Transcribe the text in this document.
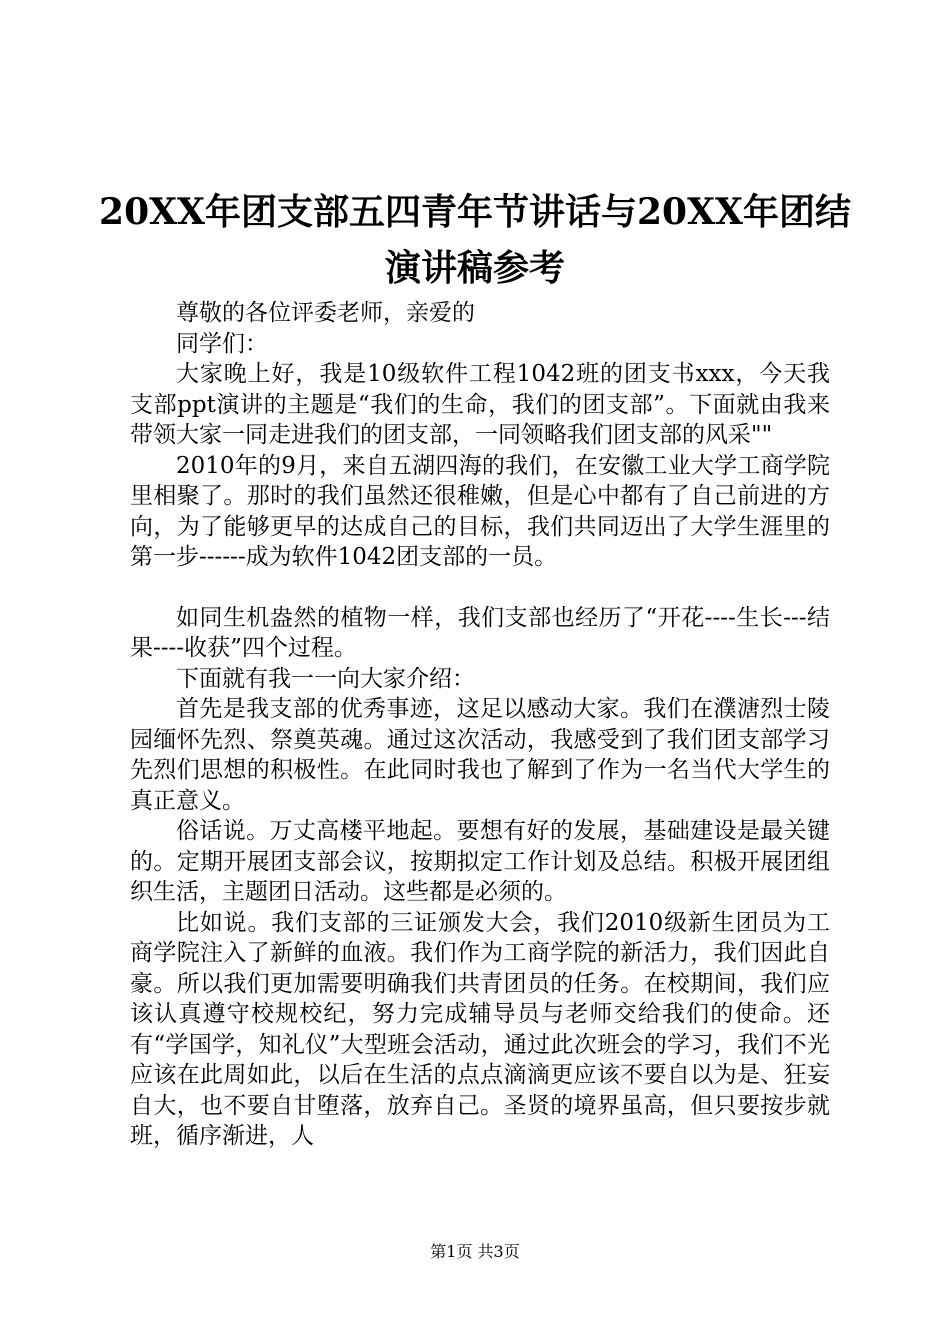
20XX年团支部五四青年节讲话与20XX年团结
演讲稿参考

尊敬的各位评委老师，亲爱的

同学们：

大家晚上好，我是10级软件工程1042班的团支书xxx，今天我支部ppt演讲的主题是“我们的生命，我们的团支部”。下面就由我来带领大家一同走进我们的团支部，一同领略我们团支部的风采""

2010年的9月，来自五湖四海的我们，在安徽工业大学工商学院里相聚了。那时的我们虽然还很稚嫩，但是心中都有了自己前进的方向，为了能够更早的达成自己的目标，我们共同迈出了大学生涯里的第一步------成为软件1042团支部的一员。

如同生机盎然的植物一样，我们支部也经历了“开花----生长---结果----收获”四个过程。

下面就有我一一向大家介绍：

首先是我支部的优秀事迹，这足以感动大家。我们在濮溏烈士陵园缅怀先烈、祭奠英魂。通过这次活动，我感受到了我们团支部学习先烈们思想的积极性。在此同时我也了解到了作为一名当代大学生的真正意义。

俗话说。万丈高楼平地起。要想有好的发展，基础建设是最关键的。定期开展团支部会议，按期拟定工作计划及总结。积极开展团组织生活，主题团日活动。这些都是必须的。

比如说。我们支部的三证颁发大会，我们2010级新生团员为工商学院注入了新鲜的血液。我们作为工商学院的新活力，我们因此自豪。所以我们更加需要明确我们共青团员的任务。在校期间，我们应该认真遵守校规校纪，努力完成辅导员与老师交给我们的使命。还有“学国学，知礼仪”大型班会活动，通过此次班会的学习，我们不光应该在此周如此，以后在生活的点点滴滴更应该不要自以为是、狂妄自大，也不要自甘堕落，放弃自己。圣贤的境界虽高，但只要按步就班，循序渐进，人

第1页 共3页
